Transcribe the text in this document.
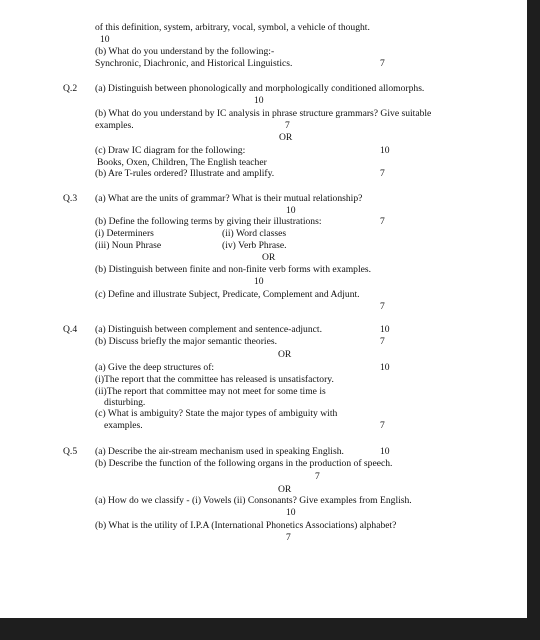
of this definition, system, arbitrary, vocal, symbol, a vehicle of thought.
10
(b) What do you understand by the following:-
Synchronic, Diachronic, and Historical Linguistics.	7
Q.2 (a) Distinguish between phonologically and morphologically conditioned allomorphs.
10
(b) What do you understand by IC analysis in phrase structure grammars? Give suitable
examples.	7
OR
(c) Draw IC diagram for the following:	10
Books, Oxen, Children, The English teacher
(b) Are T-rules ordered? Illustrate and amplify.	7
Q.3 (a) What are the units of grammar? What is their mutual relationship?
10
(b) Define the following terms by giving their illustrations:	7
(i) Determiners	(ii) Word classes
(iii) Noun Phrase	(iv) Verb Phrase.
OR
(b) Distinguish between finite and non-finite verb forms with examples.
10
(c) Define and illustrate Subject, Predicate, Complement and Adjunt.
7
Q.4 (a) Distinguish between complement and sentence-adjunct.	10
(b) Discuss briefly the major semantic theories.	7
OR
(a) Give the deep structures of:	10
(i)The report that the committee has released is unsatisfactory.
(ii)The report that committee may not meet for some time is
disturbing.
(c) What is ambiguity? State the major types of ambiguity with
examples.	7
Q.5 (a) Describe the air-stream mechanism used in speaking English.	10
(b) Describe the function of the following organs in the production of speech.
7
OR
(a) How do we classify - (i) Vowels (ii) Consonants? Give examples from English.
10
(b) What is the utility of I.P.A (International Phonetics Associations) alphabet?
7
